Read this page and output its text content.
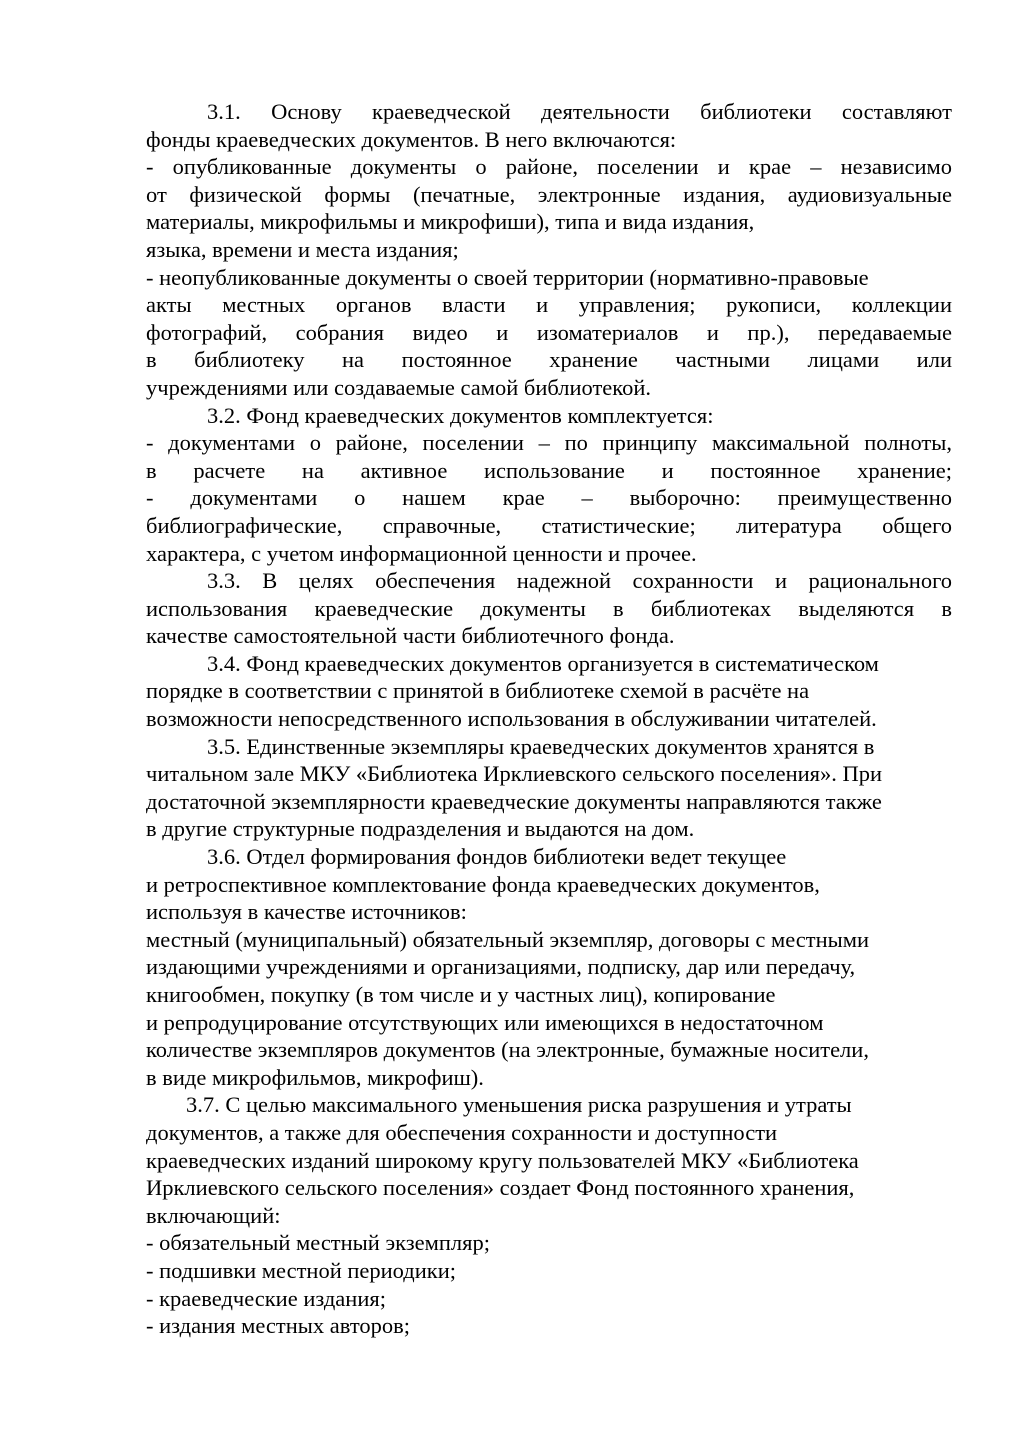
3.1. Основу краеведческой деятельности библиотеки составляют
фонды краеведческих документов. В него включаются:
- опубликованные документы о районе, поселении и крае – независимо
от физической формы (печатные, электронные издания, аудиовизуальные
материалы, микрофильмы и микрофиши), типа и вида издания,
языка, времени и места издания;
- неопубликованные документы о своей территории (нормативно-правовые
акты местных органов власти и управления; рукописи, коллекции
фотографий, собрания видео и изоматериалов и пр.), передаваемые
в библиотеку на постоянное хранение частными лицами или
учреждениями или создаваемые самой библиотекой.
3.2. Фонд краеведческих документов комплектуется:
- документами о районе, поселении – по принципу максимальной полноты,
в расчете на активное использование и постоянное хранение;
- документами о нашем крае – выборочно: преимущественно
библиографические, справочные, статистические; литература общего
характера, с учетом информационной ценности и прочее.
3.3. В целях обеспечения надежной сохранности и рационального
использования краеведческие документы в библиотеках выделяются в
качестве самостоятельной части библиотечного фонда.
3.4. Фонд краеведческих документов организуется в систематическом
порядке в соответствии с принятой в библиотеке схемой в расчёте на
возможности непосредственного использования в обслуживании читателей.
3.5. Единственные экземпляры краеведческих документов хранятся в
читальном зале МКУ «Библиотека Ирклиевского сельского поселения». При
достаточной экземплярности краеведческие документы направляются также
в другие структурные подразделения и выдаются на дом.
3.6. Отдел формирования фондов библиотеки ведет текущее
и ретроспективное комплектование фонда краеведческих документов,
используя в качестве источников:
местный (муниципальный) обязательный экземпляр, договоры с местными
издающими учреждениями и организациями, подписку, дар или передачу,
книгообмен, покупку (в том числе и у частных лиц), копирование
и репродуцирование отсутствующих или имеющихся в недостаточном
количестве экземпляров документов (на электронные, бумажные носители,
в виде микрофильмов, микрофиш).
3.7. С целью максимального уменьшения риска разрушения и утраты
документов, а также для обеспечения сохранности и доступности
краеведческих изданий широкому кругу пользователей МКУ «Библиотека
Ирклиевского сельского поселения» создает Фонд постоянного хранения,
включающий:
- обязательный местный экземпляр;
- подшивки местной периодики;
- краеведческие издания;
- издания местных авторов;
